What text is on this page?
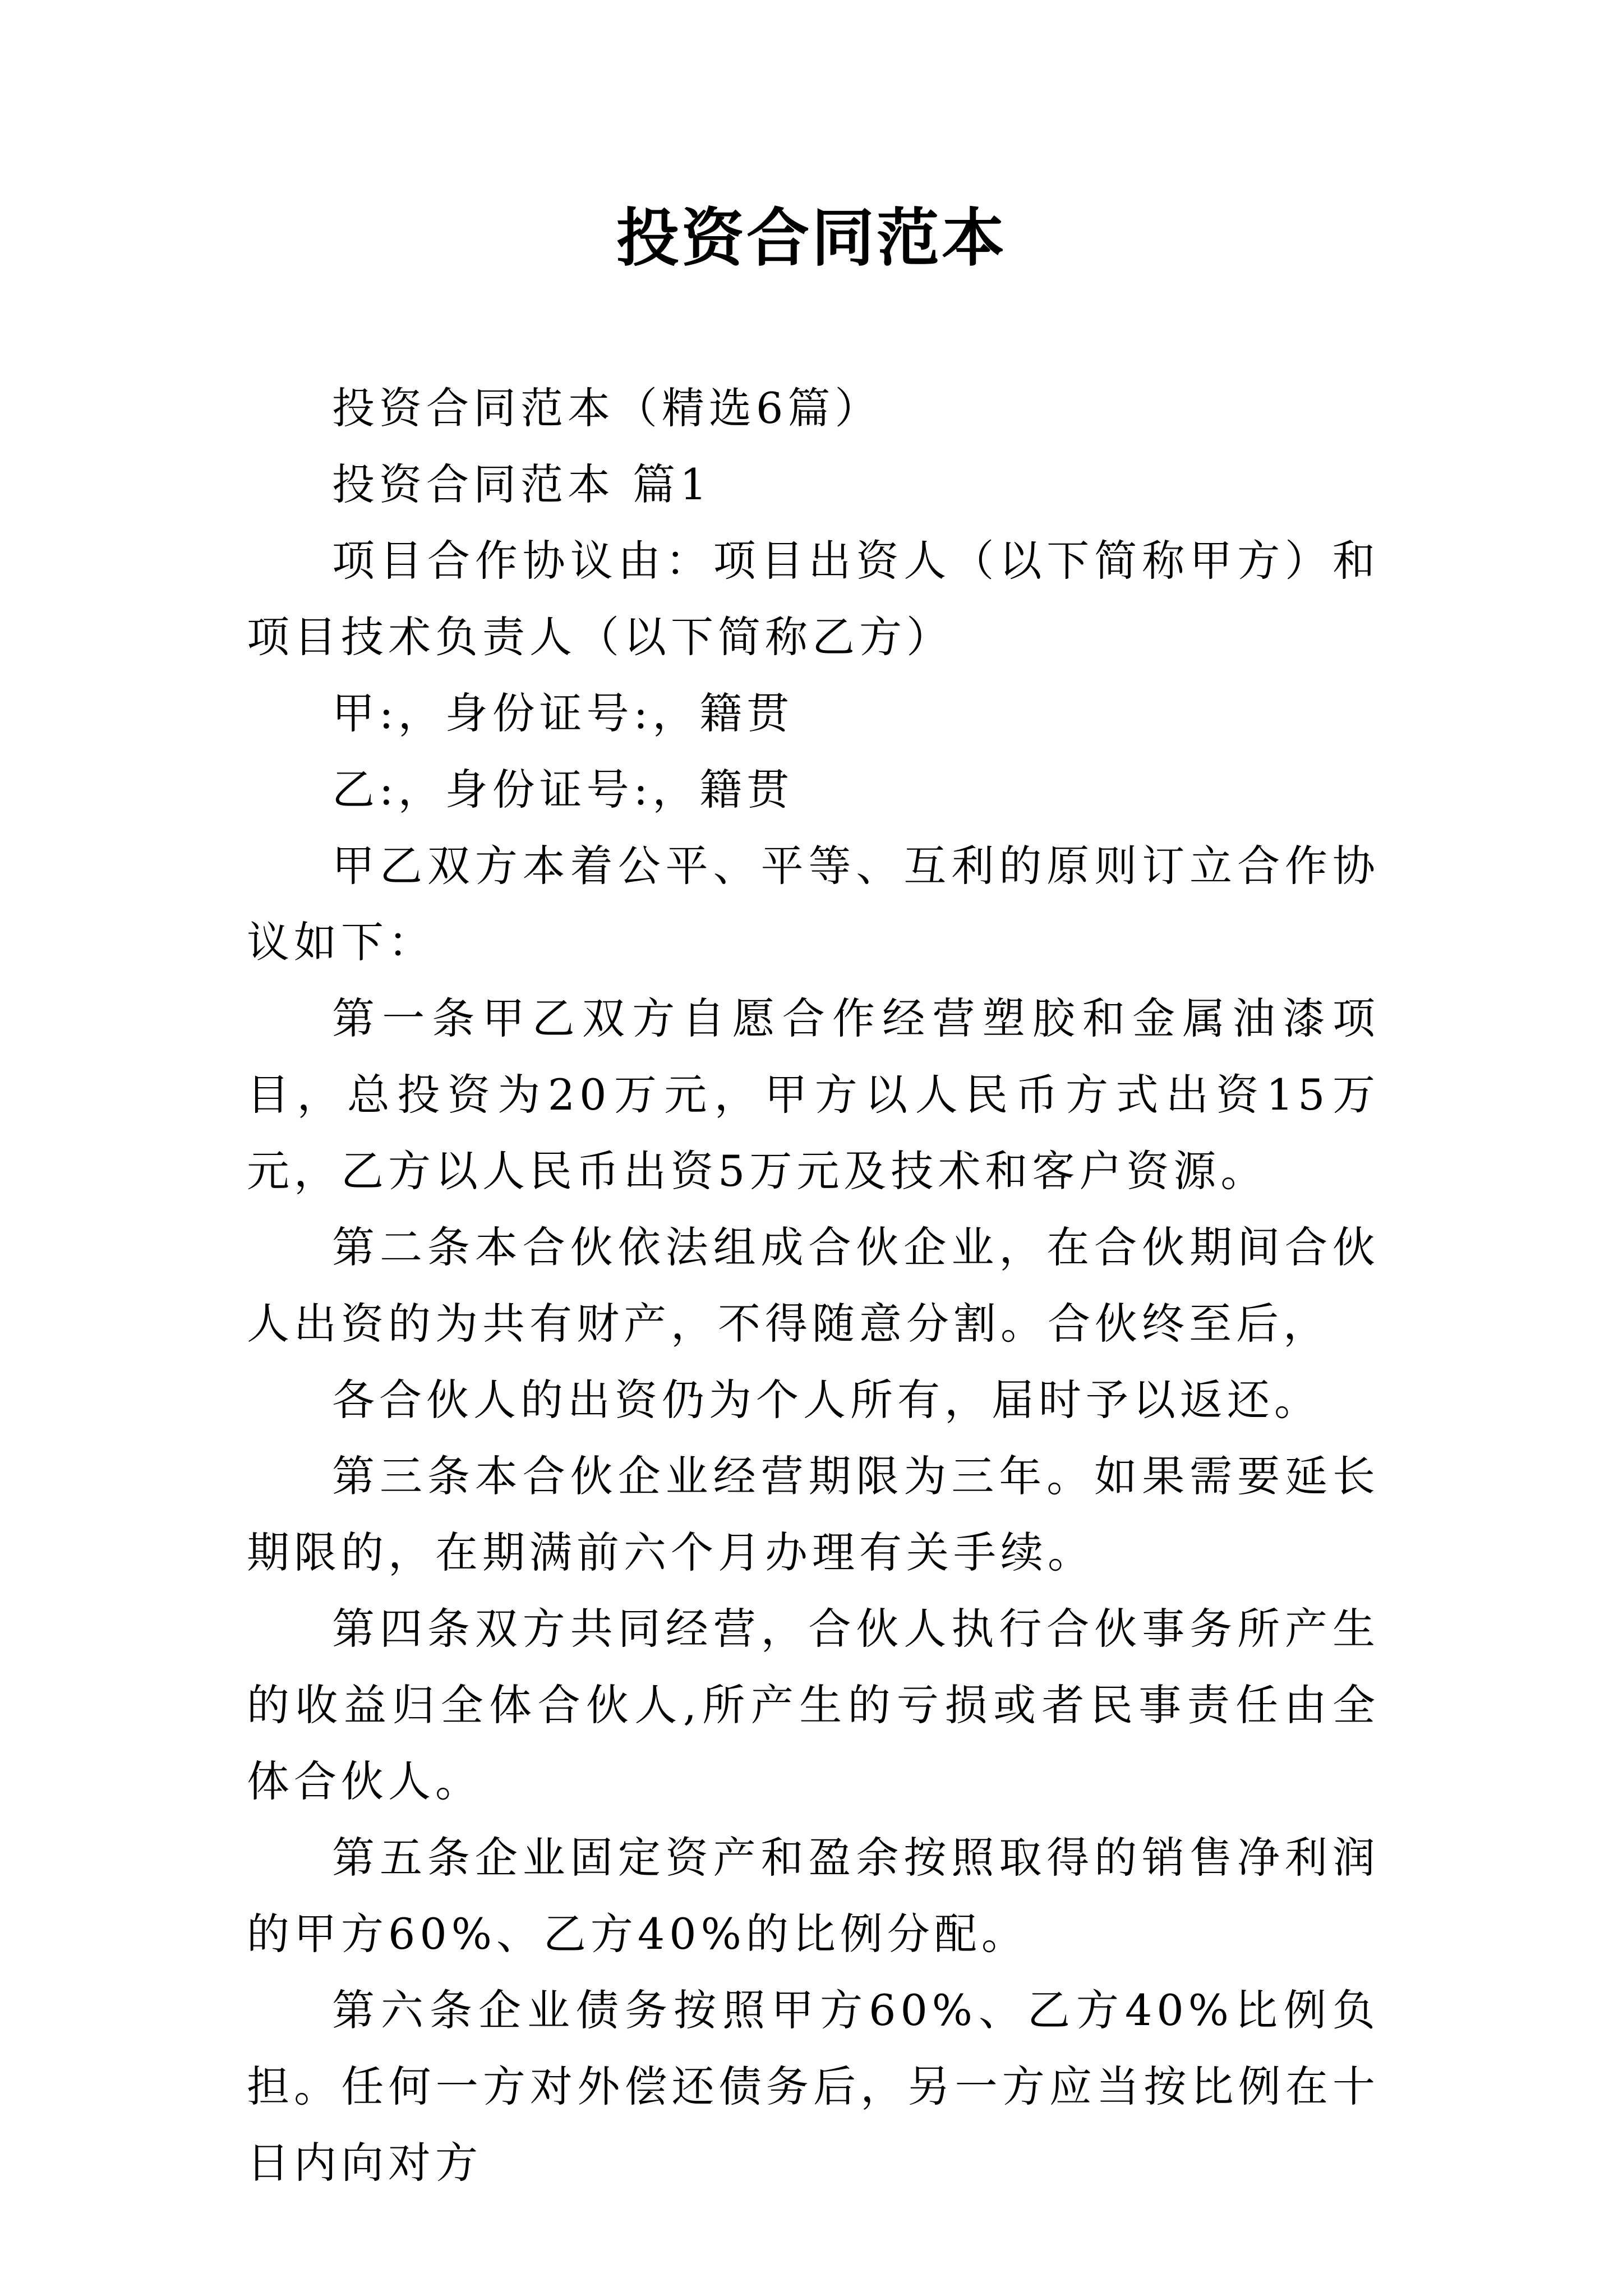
投资合同范本

投资合同范本（精选6篇）

投资合同范本 篇1

项目合作协议由：项目出资人（以下简称甲方）和项目技术负责人（以下简称乙方）

甲:，身份证号:，籍贯

乙:，身份证号:，籍贯

甲乙双方本着公平、平等、互利的原则订立合作协议如下：

第一条甲乙双方自愿合作经营塑胶和金属油漆项目，总投资为20万元，甲方以人民币方式出资15万元，乙方以人民币出资5万元及技术和客户资源。

第二条本合伙依法组成合伙企业，在合伙期间合伙人出资的为共有财产，不得随意分割。合伙终至后，

各合伙人的出资仍为个人所有，届时予以返还。

第三条本合伙企业经营期限为三年。如果需要延长期限的，在期满前六个月办理有关手续。

第四条双方共同经营，合伙人执行合伙事务所产生的收益归全体合伙人,所产生的亏损或者民事责任由全体合伙人。

第五条企业固定资产和盈余按照取得的销售净利润的甲方60%、乙方40%的比例分配。

第六条企业债务按照甲方60%、乙方40%比例负担。任何一方对外偿还债务后，另一方应当按比例在十日内向对方
